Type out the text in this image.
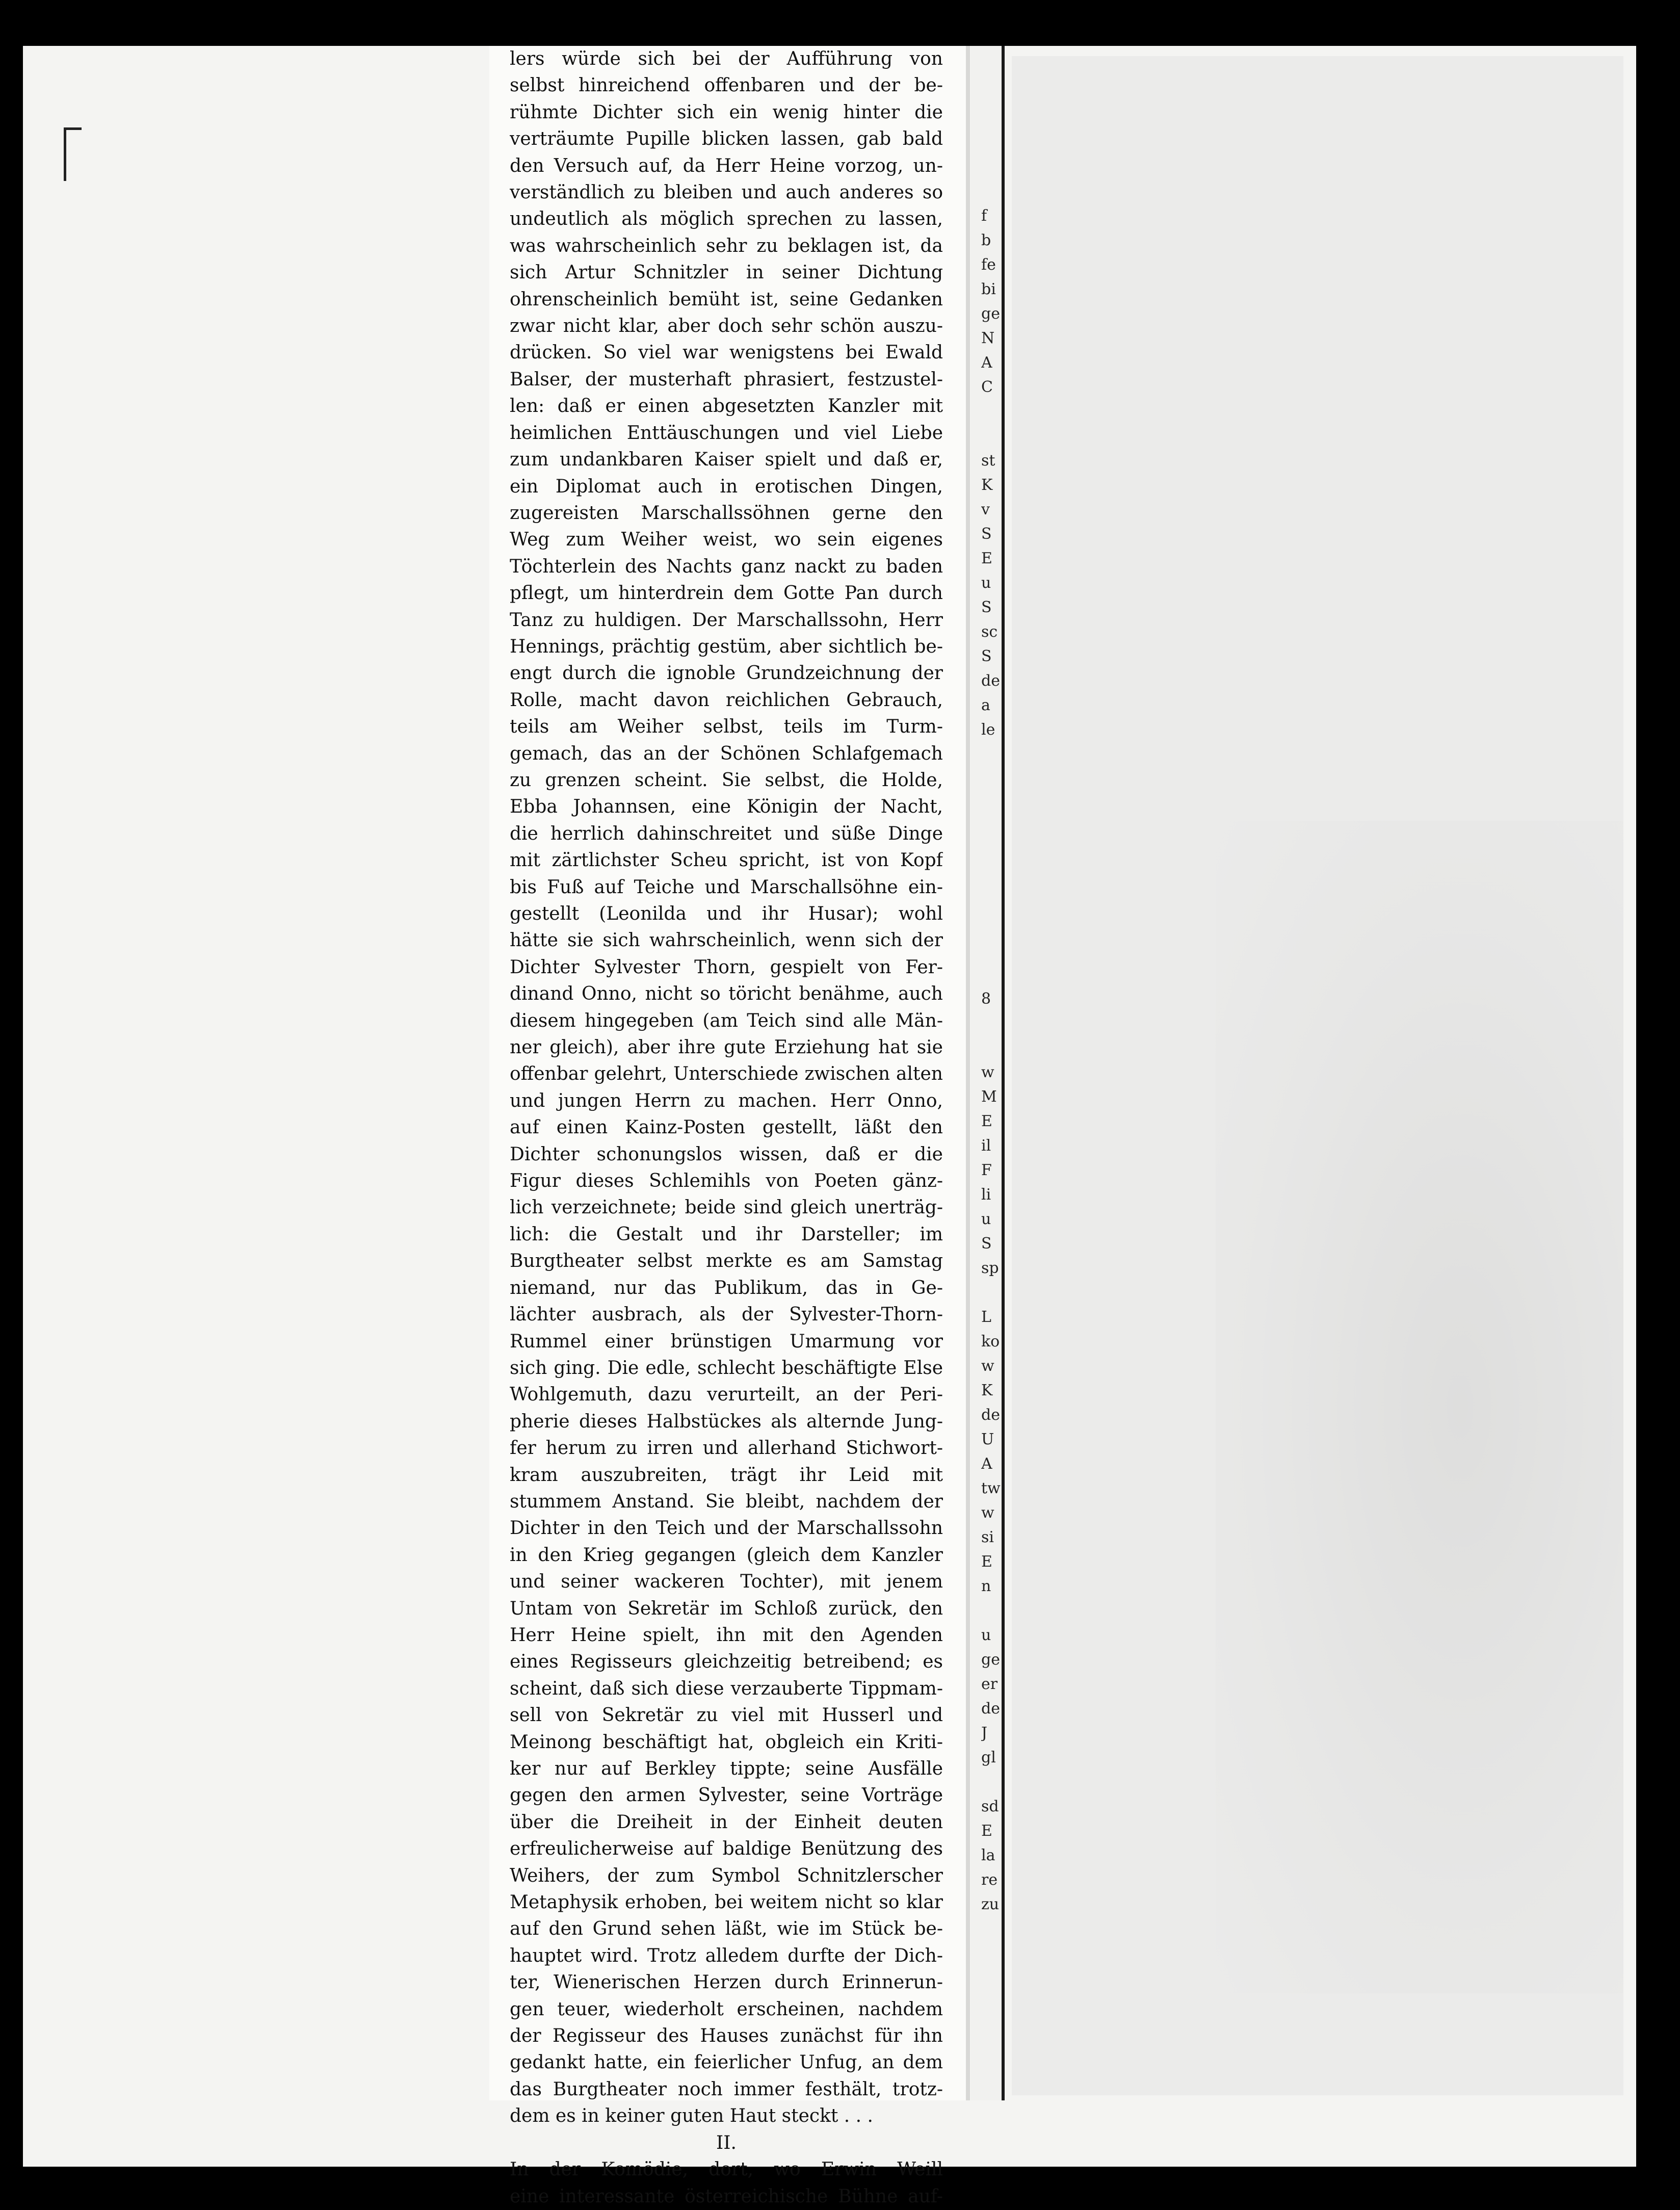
lers würde sich bei der Aufführung von
selbst hinreichend offenbaren und der be-
rühmte Dichter sich ein wenig hinter die
verträumte Pupille blicken lassen, gab bald
den Versuch auf, da Herr Heine vorzog, un-
verständlich zu bleiben und auch anderes so
undeutlich als möglich sprechen zu lassen,
was wahrscheinlich sehr zu beklagen ist, da
sich Artur Schnitzler in seiner Dichtung
ohrenscheinlich bemüht ist, seine Gedanken
zwar nicht klar, aber doch sehr schön auszu-
drücken. So viel war wenigstens bei Ewald
Balser, der musterhaft phrasiert, festzustel-
len: daß er einen abgesetzten Kanzler mit
heimlichen Enttäuschungen und viel Liebe
zum undankbaren Kaiser spielt und daß er,
ein Diplomat auch in erotischen Dingen,
zugereisten Marschallssöhnen gerne den
Weg zum Weiher weist, wo sein eigenes
Töchterlein des Nachts ganz nackt zu baden
pflegt, um hinterdrein dem Gotte Pan durch
Tanz zu huldigen. Der Marschallssohn, Herr
Hennings, prächtig gestüm, aber sichtlich be-
engt durch die ignoble Grundzeichnung der
Rolle, macht davon reichlichen Gebrauch,
teils am Weiher selbst, teils im Turm-
gemach, das an der Schönen Schlafgemach
zu grenzen scheint. Sie selbst, die Holde,
Ebba Johannsen, eine Königin der Nacht,
die herrlich dahinschreitet und süße Dinge
mit zärtlichster Scheu spricht, ist von Kopf
bis Fuß auf Teiche und Marschallsöhne ein-
gestellt (Leonilda und ihr Husar); wohl
hätte sie sich wahrscheinlich, wenn sich der
Dichter Sylvester Thorn, gespielt von Fer-
dinand Onno, nicht so töricht benähme, auch
diesem hingegeben (am Teich sind alle Män-
ner gleich), aber ihre gute Erziehung hat sie
offenbar gelehrt, Unterschiede zwischen alten
und jungen Herrn zu machen. Herr Onno,
auf einen Kainz-Posten gestellt, läßt den
Dichter schonungslos wissen, daß er die
Figur dieses Schlemihls von Poeten gänz-
lich verzeichnete; beide sind gleich unerträg-
lich: die Gestalt und ihr Darsteller; im
Burgtheater selbst merkte es am Samstag
niemand, nur das Publikum, das in Ge-
lächter ausbrach, als der Sylvester-Thorn-
Rummel einer brünstigen Umarmung vor
sich ging. Die edle, schlecht beschäftigte Else
Wohlgemuth, dazu verurteilt, an der Peri-
pherie dieses Halbstückes als alternde Jung-
fer herum zu irren und allerhand Stichwort-
kram auszubreiten, trägt ihr Leid mit
stummem Anstand. Sie bleibt, nachdem der
Dichter in den Teich und der Marschallssohn
in den Krieg gegangen (gleich dem Kanzler
und seiner wackeren Tochter), mit jenem
Untam von Sekretär im Schloß zurück, den
Herr Heine spielt, ihn mit den Agenden
eines Regisseurs gleichzeitig betreibend; es
scheint, daß sich diese verzauberte Tippmam-
sell von Sekretär zu viel mit Husserl und
Meinong beschäftigt hat, obgleich ein Kriti-
ker nur auf Berkley tippte; seine Ausfälle
gegen den armen Sylvester, seine Vorträge
über die Dreiheit in der Einheit deuten
erfreulicherweise auf baldige Benützung des
Weihers, der zum Symbol Schnitzlerscher
Metaphysik erhoben, bei weitem nicht so klar
auf den Grund sehen läßt, wie im Stück be-
hauptet wird. Trotz alledem durfte der Dich-
ter, Wienerischen Herzen durch Erinnerun-
gen teuer, wiederholt erscheinen, nachdem
der Regisseur des Hauses zunächst für ihn
gedankt hatte, ein feierlicher Unfug, an dem
das Burgtheater noch immer festhält, trotz-
dem es in keiner guten Haut steckt . . .
II.
In der Komödie, dort, wo Erwin Weill
eine interessante österreichische Bühne auf-
f
b
fe
bi
ge
N
A
C
st
K
v
S
E
u
S
sc
S
de
a
le
8
w
M
E
il
F
li
u
S
sp
L
ko
w
K
de
U
A
tw
w
si
E
n
u
ge
er
de
J
gl
sd
E
la
re
zu
